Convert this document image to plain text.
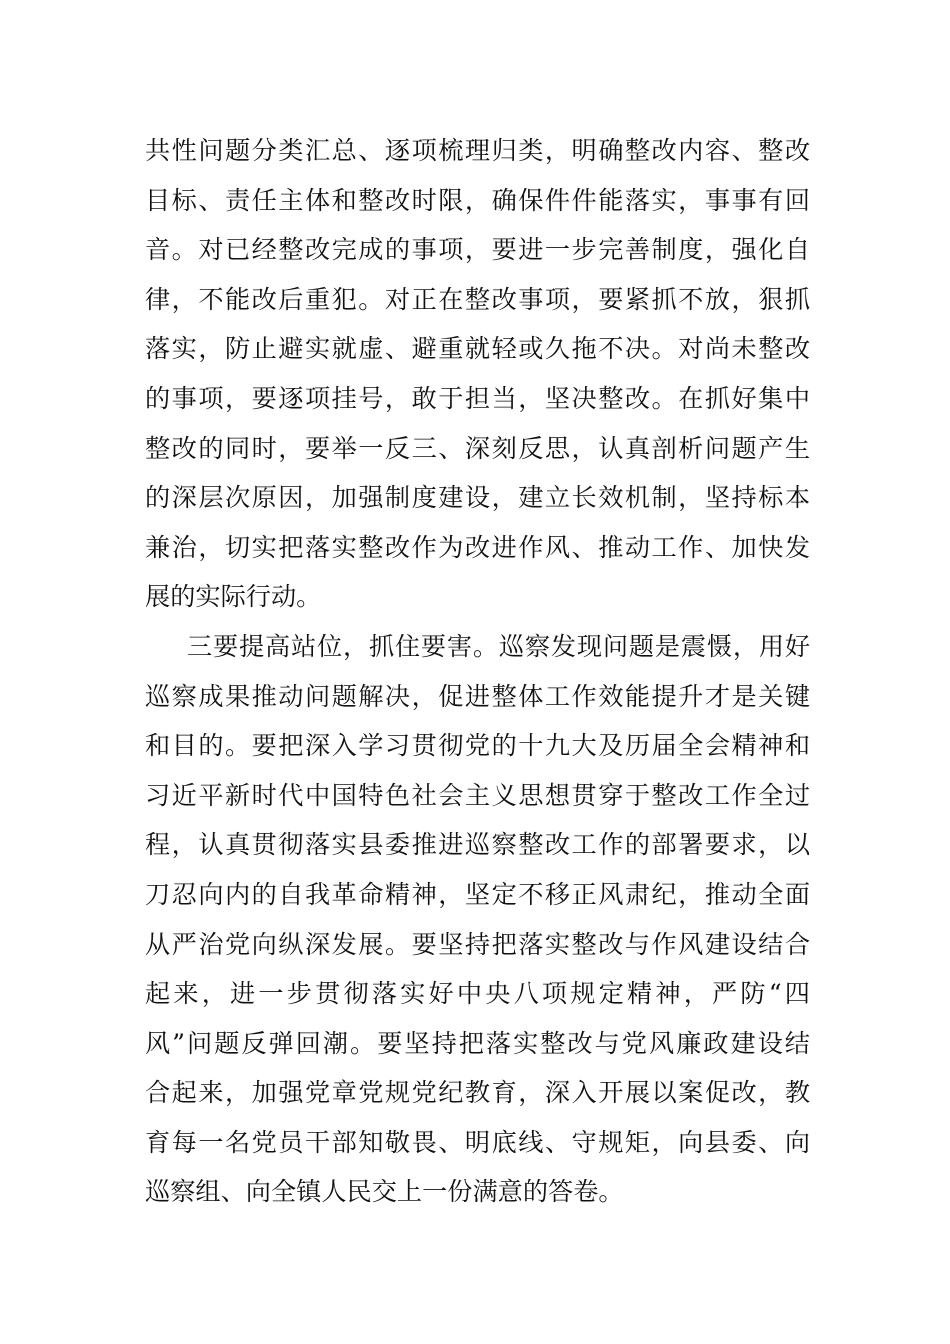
共性问题分类汇总、逐项梳理归类，明确整改内容、整改
目标、责任主体和整改时限，确保件件能落实，事事有回
音。对已经整改完成的事项，要进一步完善制度，强化自
律，不能改后重犯。对正在整改事项，要紧抓不放，狠抓
落实，防止避实就虚、避重就轻或久拖不决。对尚未整改
的事项，要逐项挂号，敢于担当，坚决整改。在抓好集中
整改的同时，要举一反三、深刻反思，认真剖析问题产生
的深层次原因，加强制度建设，建立长效机制，坚持标本
兼治，切实把落实整改作为改进作风、推动工作、加快发
展的实际行动。
三要提高站位，抓住要害。巡察发现问题是震慑，用好
巡察成果推动问题解决，促进整体工作效能提升才是关键
和目的。要把深入学习贯彻党的十九大及历届全会精神和
习近平新时代中国特色社会主义思想贯穿于整改工作全过
程，认真贯彻落实县委推进巡察整改工作的部署要求，以
刀忍向内的自我革命精神，坚定不移正风肃纪，推动全面
从严治党向纵深发展。要坚持把落实整改与作风建设结合
起来，进一步贯彻落实好中央八项规定精神，严防“四
风”问题反弹回潮。要坚持把落实整改与党风廉政建设结
合起来，加强党章党规党纪教育，深入开展以案促改，教
育每一名党员干部知敬畏、明底线、守规矩，向县委、向
巡察组、向全镇人民交上一份满意的答卷。
